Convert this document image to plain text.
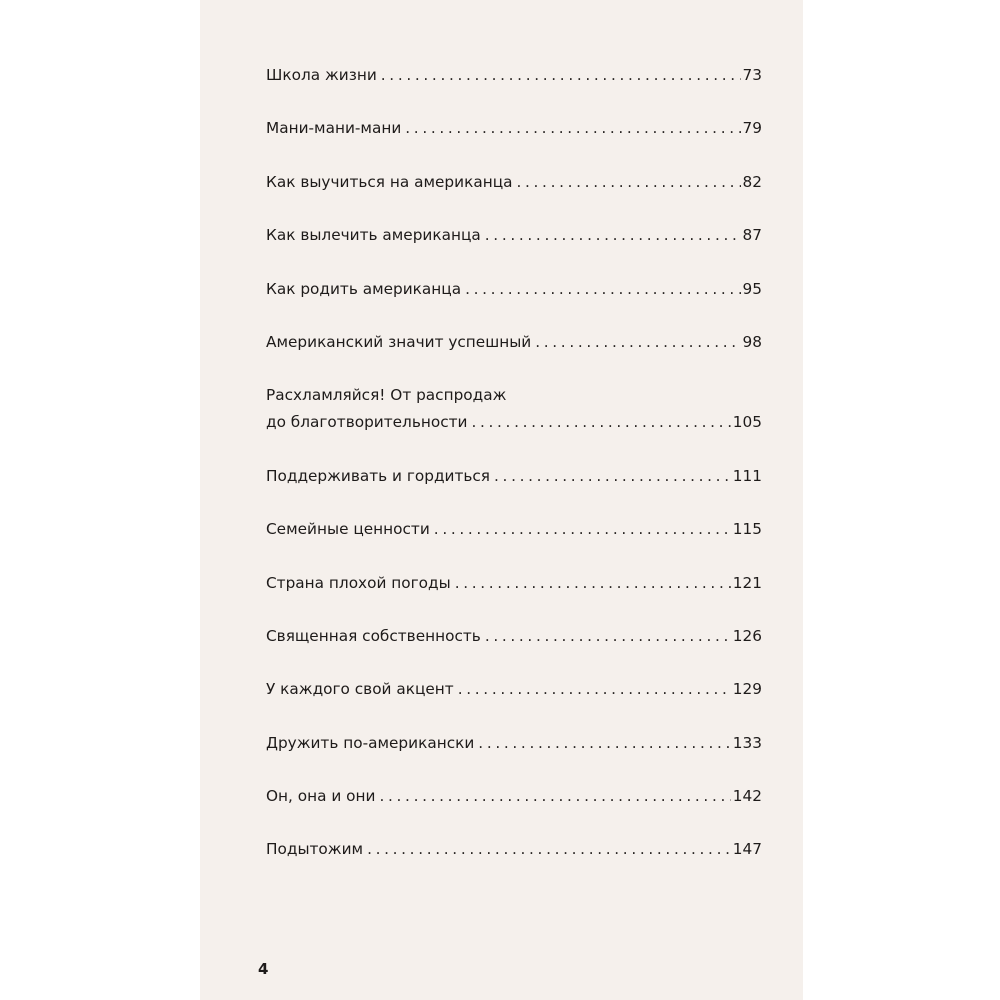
Школа жизни . . .	73
Мани-мани-мани . . .	79
Как выучиться на американца . . .	82
Как вылечить американца . . .	87
Как родить американца . . .	95
Американский значит успешный . . .	98
Расхламляйся! От распродаж
до благотворительности . . .	105
Поддерживать и гордиться . . .	111
Семейные ценности . . .	115
Страна плохой погоды . . .	121
Священная собственность . . .	126
У каждого свой акцент . . .	129
Дружить по-американски . . .	133
Он, она и они . . .	142
Подытожим . . .	147
4
